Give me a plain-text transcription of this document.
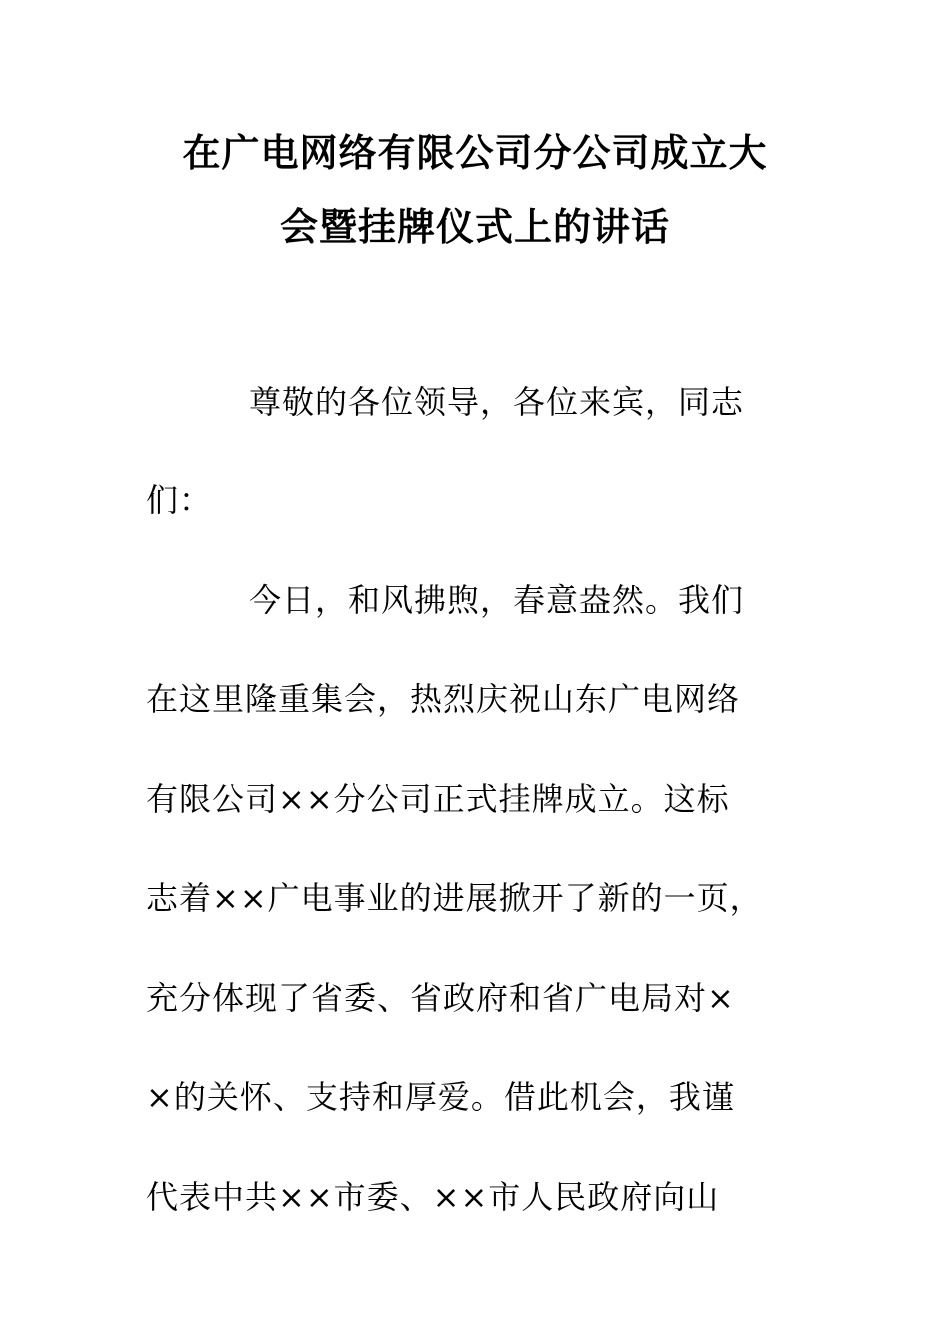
在广电网络有限公司分公司成立大
会暨挂牌仪式上的讲话
尊敬的各位领导，各位来宾，同志
们：
今日，和风拂煦，春意盎然。我们
在这里隆重集会，热烈庆祝山东广电网络
有限公司××分公司正式挂牌成立。这标
志着××广电事业的进展掀开了新的一页，
充分体现了省委、省政府和省广电局对×
×的关怀、支持和厚爱。借此机会，我谨
代表中共××市委、××市人民政府向山
